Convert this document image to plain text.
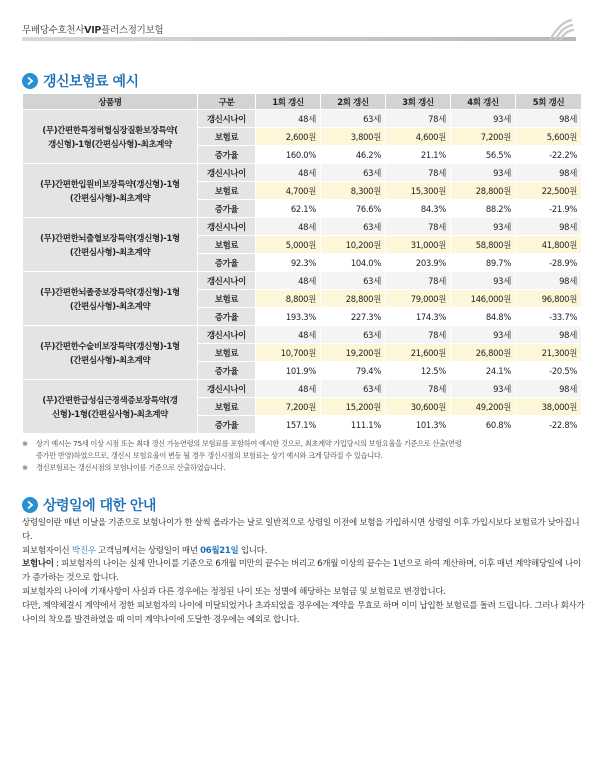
무배당수호천사VIP플러스정기보험
갱신보험료 예시
상품명	구분	1회 갱신	2회 갱신	3회 갱신	4회 갱신	5회 갱신
(무)간편한특정허혈심장질환보장특약(
갱신형)-1형(간편심사형)-최초계약	갱신시나이	48세	63세	78세	93세	98세
	보험료	2,600원	3,800원	4,600원	7,200원	5,600원
	증가율	160.0%	46.2%	21.1%	56.5%	-22.2%
(무)간편한입원비보장특약(갱신형)-1형
(간편심사형)-최초계약	갱신시나이	48세	63세	78세	93세	98세
	보험료	4,700원	8,300원	15,300원	28,800원	22,500원
	증가율	62.1%	76.6%	84.3%	88.2%	-21.9%
(무)간편한뇌출혈보장특약(갱신형)-1형
(간편심사형)-최초계약	갱신시나이	48세	63세	78세	93세	98세
	보험료	5,000원	10,200원	31,000원	58,800원	41,800원
	증가율	92.3%	104.0%	203.9%	89.7%	-28.9%
(무)간편한뇌졸중보장특약(갱신형)-1형
(간편심사형)-최초계약	갱신시나이	48세	63세	78세	93세	98세
	보험료	8,800원	28,800원	79,000원	146,000원	96,800원
	증가율	193.3%	227.3%	174.3%	84.8%	-33.7%
(무)간편한수술비보장특약(갱신형)-1형
(간편심사형)-최초계약	갱신시나이	48세	63세	78세	93세	98세
	보험료	10,700원	19,200원	21,600원	26,800원	21,300원
	증가율	101.9%	79.4%	12.5%	24.1%	-20.5%
(무)간편한급성심근경색증보장특약(갱
신형)-1형(간편심사형)-최초계약	갱신시나이	48세	63세	78세	93세	98세
	보험료	7,200원	15,200원	30,600원	49,200원	38,000원
	증가율	157.1%	111.1%	101.3%	60.8%	-22.8%
※	상기 예시는 75세 이상 시점 또는 최대 갱신 가능연령의 보험료를 포함하여 예시한 것으로, 최초계약 가입당시의 보험요율을 기준으로 산출(연령
증가만 반영)하였으므로, 갱신시 보험요율이 변동 될 경우 갱신시점의 보험료는 상기 예시와 크게 달라질 수 있습니다.
※	경신보험료는 갱신시점의 보험나이를 기준으로 산출하였습니다.
상령일에 대한 안내

상령일이란 매년 이날을 기준으로 보험나이가 한 살씩 올라가는 날로 일반적으로 상령일 이전에 보험을 가입하시면 상령일 이후 가입시보다 보험료가 낮아집니다.

피보험자이신 박진우 고객님께서는 상령일이 매년 06월21일 입니다.

보험나이 : 피보험자의 나이는 실제 만나이를 기준으로 6개월 미만의 끝수는 버리고 6개월 이상의 끝수는 1년으로 하여 계산하며, 이후 매년 계약해당일에 나이가 증가하는 것으로 합니다.

피보험자의 나이에 기재사항이 사실과 다른 경우에는 정정된 나이 또는 성별에 해당하는 보험금 및 보험료로 변경합니다.

다만, 계약체결시 계약에서 정한 피보험자의 나이에 미달되었거나 초과되었을 경우에는 계약을 무효로 하며 이미 납입한 보험료를 돌려 드립니다. 그러나 회사가 나이의 착오를 발견하였을 때 이미 계약나이에 도달한 경우에는 예외로 합니다.
